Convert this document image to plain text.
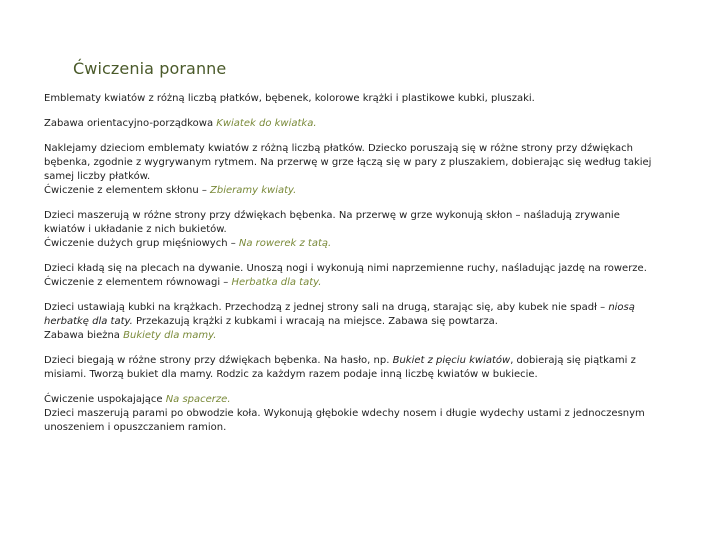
Ćwiczenia poranne

Emblematy kwiatów z różną liczbą płatków, bębenek, kolorowe krążki i plastikowe kubki, pluszaki.

Zabawa orientacyjno-porządkowa Kwiatek do kwiatka.

Naklejamy dzieciom emblematy kwiatów z różną liczbą płatków. Dziecko poruszają się w różne strony przy dźwiękach bębenka, zgodnie z wygrywanym rytmem. Na przerwę w grze łączą się w pary z pluszakiem, dobierając się według takiej samej liczby płatków.
Ćwiczenie z elementem skłonu – Zbieramy kwiaty.

Dzieci maszerują w różne strony przy dźwiękach bębenka. Na przerwę w grze wykonują skłon – naśladują zrywanie kwiatów i układanie z nich bukietów.
Ćwiczenie dużych grup mięśniowych – Na rowerek z tatą.

Dzieci kładą się na plecach na dywanie. Unoszą nogi i wykonują nimi naprzemienne ruchy, naśladując jazdę na rowerze.
Ćwiczenie z elementem równowagi – Herbatka dla taty.

Dzieci ustawiają kubki na krążkach. Przechodzą z jednej strony sali na drugą, starając się, aby kubek nie spadł – niosą herbatkę dla taty. Przekazują krążki z kubkami i wracają na miejsce. Zabawa się powtarza.
Zabawa bieżna Bukiety dla mamy.

Dzieci biegają w różne strony przy dźwiękach bębenka. Na hasło, np. Bukiet z pięciu kwiatów, dobierają się piątkami z misiami. Tworzą bukiet dla mamy. Rodzic za każdym razem podaje inną liczbę kwiatów w bukiecie.

Ćwiczenie uspokajające Na spacerze.
Dzieci maszerują parami po obwodzie koła. Wykonują głębokie wdechy nosem i długie wydechy ustami z jednoczesnym unoszeniem i opuszczaniem ramion.
